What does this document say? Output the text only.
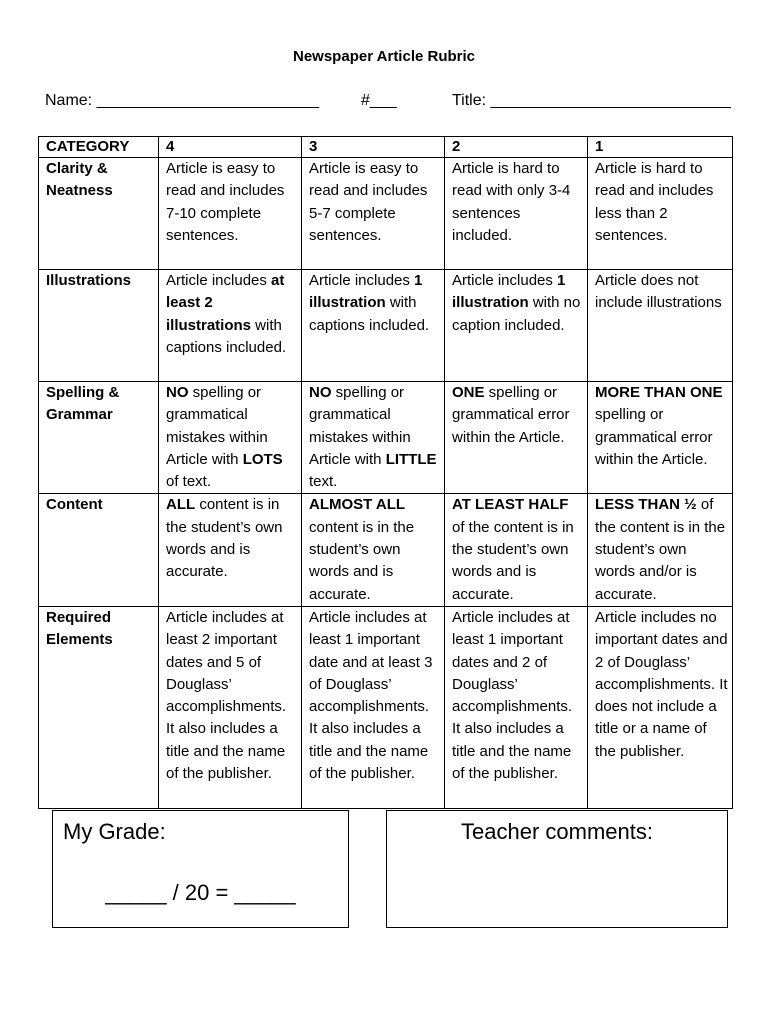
Newspaper Article Rubric
Name: _________________________	#___	Title: ___________________________
CATEGORY	4	3	2	1
Clarity & Neatness	Article is easy to read and includes 7-10 complete sentences.	Article is easy to read and includes 5-7 complete sentences.	Article is hard to read with only 3-4 sentences included.	Article is hard to read and includes less than 2 sentences.
Illustrations	Article includes at least 2 illustrations with captions included.	Article includes 1 illustration with captions included.	Article includes 1 illustration with no caption included.	Article does not include illustrations
Spelling & Grammar	NO spelling or grammatical mistakes within Article with LOTS of text.	NO spelling or grammatical mistakes within Article with LITTLE text.	ONE spelling or grammatical error within the Article.	MORE THAN ONE spelling or grammatical error within the Article.
Content	ALL content is in the student’s own words and is accurate.	ALMOST ALL content is in the student’s own words and is accurate.	AT LEAST HALF of the content is in the student’s own words and is accurate.	LESS THAN ½ of the content is in the student’s own words and/or is accurate.
Required Elements	Article includes at least 2 important dates and 5 of Douglass’ accomplishments. It also includes a title and the name of the publisher.	Article includes at least 1 important date and at least 3 of Douglass’ accomplishments. It also includes a title and the name of the publisher.	Article includes at least 1 important dates and 2 of Douglass’ accomplishments. It also includes a title and the name of the publisher.	Article includes no important dates and 2 of Douglass’ accomplishments. It does not include a title or a name of the publisher.
My Grade:
_____ / 20 = _____
Teacher comments:
